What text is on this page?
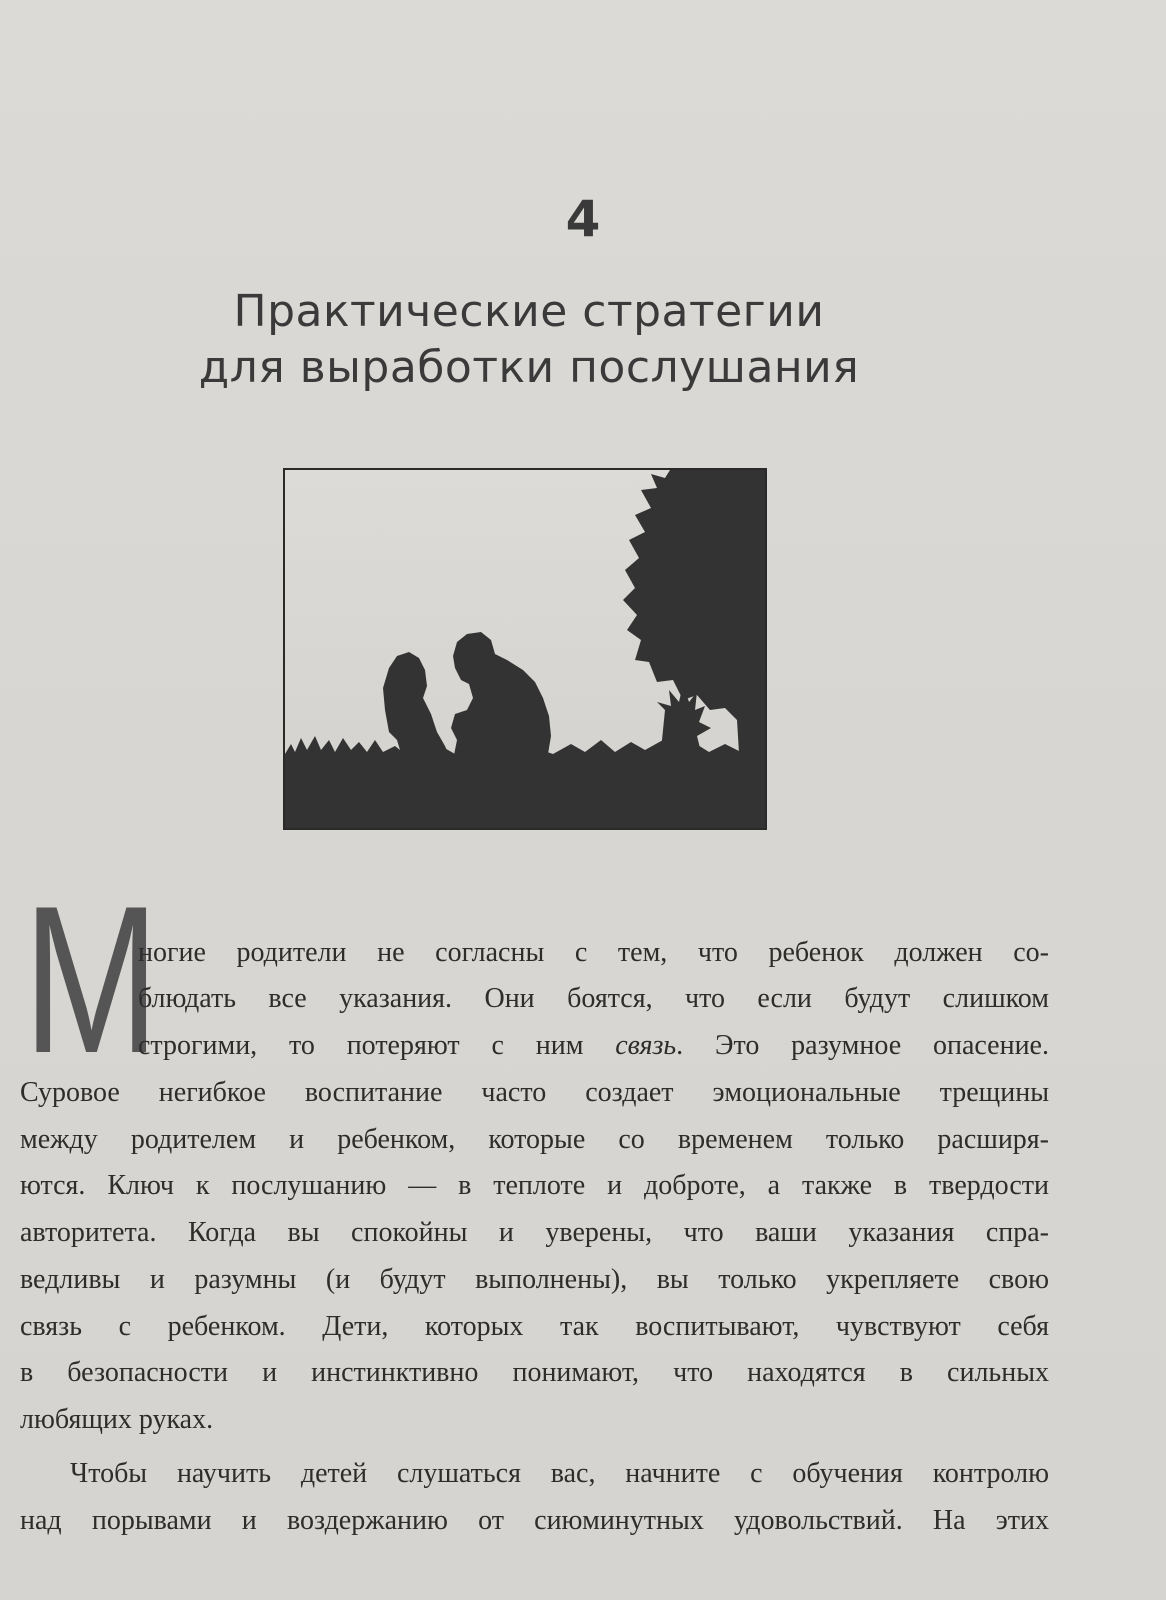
4
Практические стратегии
для выработки послушания
М
ногие родители не согласны с тем, что ребенок должен со-
блюдать все указания. Они боятся, что если будут слишком
строгими, то потеряют с ним связь. Это разумное опасение.
Суровое негибкое воспитание часто создает эмоциональные трещины
между родителем и ребенком, которые со временем только расширя-
ются. Ключ к послушанию — в теплоте и доброте, а также в твердости
авторитета. Когда вы спокойны и уверены, что ваши указания спра-
ведливы и разумны (и будут выполнены), вы только укрепляете свою
связь с ребенком. Дети, которых так воспитывают, чувствуют себя
в безопасности и инстинктивно понимают, что находятся в сильных
любящих руках.
Чтобы научить детей слушаться вас, начните с обучения контролю
над порывами и воздержанию от сиюминутных удовольствий. На этих
